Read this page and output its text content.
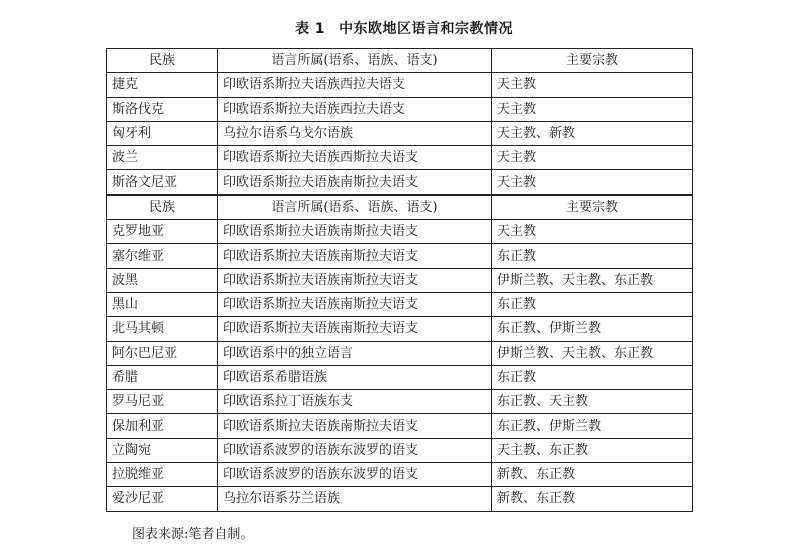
表 1 中东欧地区语言和宗教情况
民族	语言所属(语系、语族、语支)	主要宗教
捷克	印欧语系斯拉夫语族西拉夫语支	天主教
斯洛伐克	印欧语系斯拉夫语族西拉夫语支	天主教
匈牙利	乌拉尔语系乌戈尔语族	天主教、新教
波兰	印欧语系斯拉夫语族西斯拉夫语支	天主教
斯洛文尼亚	印欧语系斯拉夫语族南斯拉夫语支	天主教
民族	语言所属(语系、语族、语支)	主要宗教
克罗地亚	印欧语系斯拉夫语族南斯拉夫语支	天主教
塞尔维亚	印欧语系斯拉夫语族南斯拉夫语支	东正教
波黑	印欧语系斯拉夫语族南斯拉夫语支	伊斯兰教、天主教、东正教
黑山	印欧语系斯拉夫语族南斯拉夫语支	东正教
北马其顿	印欧语系斯拉夫语族南斯拉夫语支	东正教、伊斯兰教
阿尔巴尼亚	印欧语系中的独立语言	伊斯兰教、天主教、东正教
希腊	印欧语系希腊语族	东正教
罗马尼亚	印欧语系拉丁语族东支	东正教、天主教
保加利亚	印欧语系斯拉夫语族南斯拉夫语支	东正教、伊斯兰教
立陶宛	印欧语系波罗的语族东波罗的语支	天主教、东正教
拉脱维亚	印欧语系波罗的语族东波罗的语支	新教、东正教
爱沙尼亚	乌拉尔语系芬兰语族	新教、东正教
图表来源:笔者自制。
